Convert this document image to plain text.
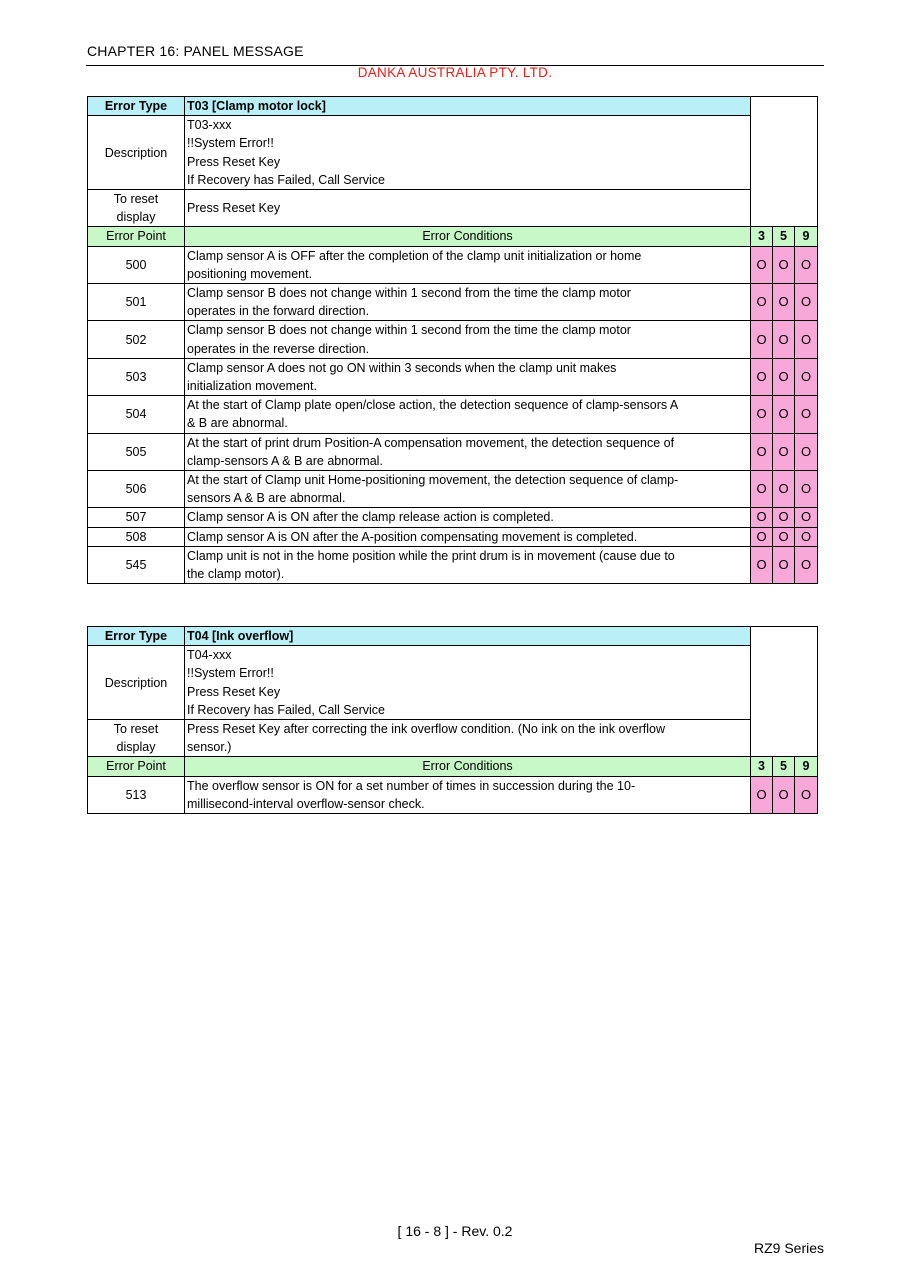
CHAPTER 16: PANEL MESSAGE
DANKA AUSTRALIA PTY. LTD.
Error Type	T03 [Clamp motor lock]			
Description	T03-xxx
!!System Error!!
Press Reset Key
If Recovery has Failed, Call Service			

To reset
display	Press Reset Key			

Error Point	Error Conditions	3	5	9
500	Clamp sensor A is OFF after the completion of the clamp unit initialization or home
positioning movement.	O	O	O
501	Clamp sensor B does not change within 1 second from the time the clamp motor
operates in the forward direction.	O	O	O
502	Clamp sensor B does not change within 1 second from the time the clamp motor
operates in the reverse direction.	O	O	O
503	Clamp sensor A does not go ON within 3 seconds when the clamp unit makes
initialization movement.	O	O	O
504	At the start of Clamp plate open/close action, the detection sequence of clamp-sensors A
& B are abnormal.	O	O	O
505	At the start of print drum Position-A compensation movement, the detection sequence of
clamp-sensors A & B are abnormal.	O	O	O
506	At the start of Clamp unit Home-positioning movement, the detection sequence of clamp-
sensors A & B are abnormal.	O	O	O
507	Clamp sensor A is ON after the clamp release action is completed.	O	O	O
508	Clamp sensor A is ON after the A-position compensating movement is completed.	O	O	O
545	Clamp unit is not in the home position while the print drum is in movement (cause due to
the clamp motor).	O	O	O
Error Type	T04 [Ink overflow]			
Description	T04-xxx
!!System Error!!
Press Reset Key
If Recovery has Failed, Call Service			

To reset
display	Press Reset Key after correcting the ink overflow condition. (No ink on the ink overflow
sensor.)			

Error Point	Error Conditions	3	5	9
513	The overflow sensor is ON for a set number of times in succession during the 10-
millisecond-interval overflow-sensor check.	O	O	O
[ 16 - 8 ] - Rev. 0.2
RZ9 Series
